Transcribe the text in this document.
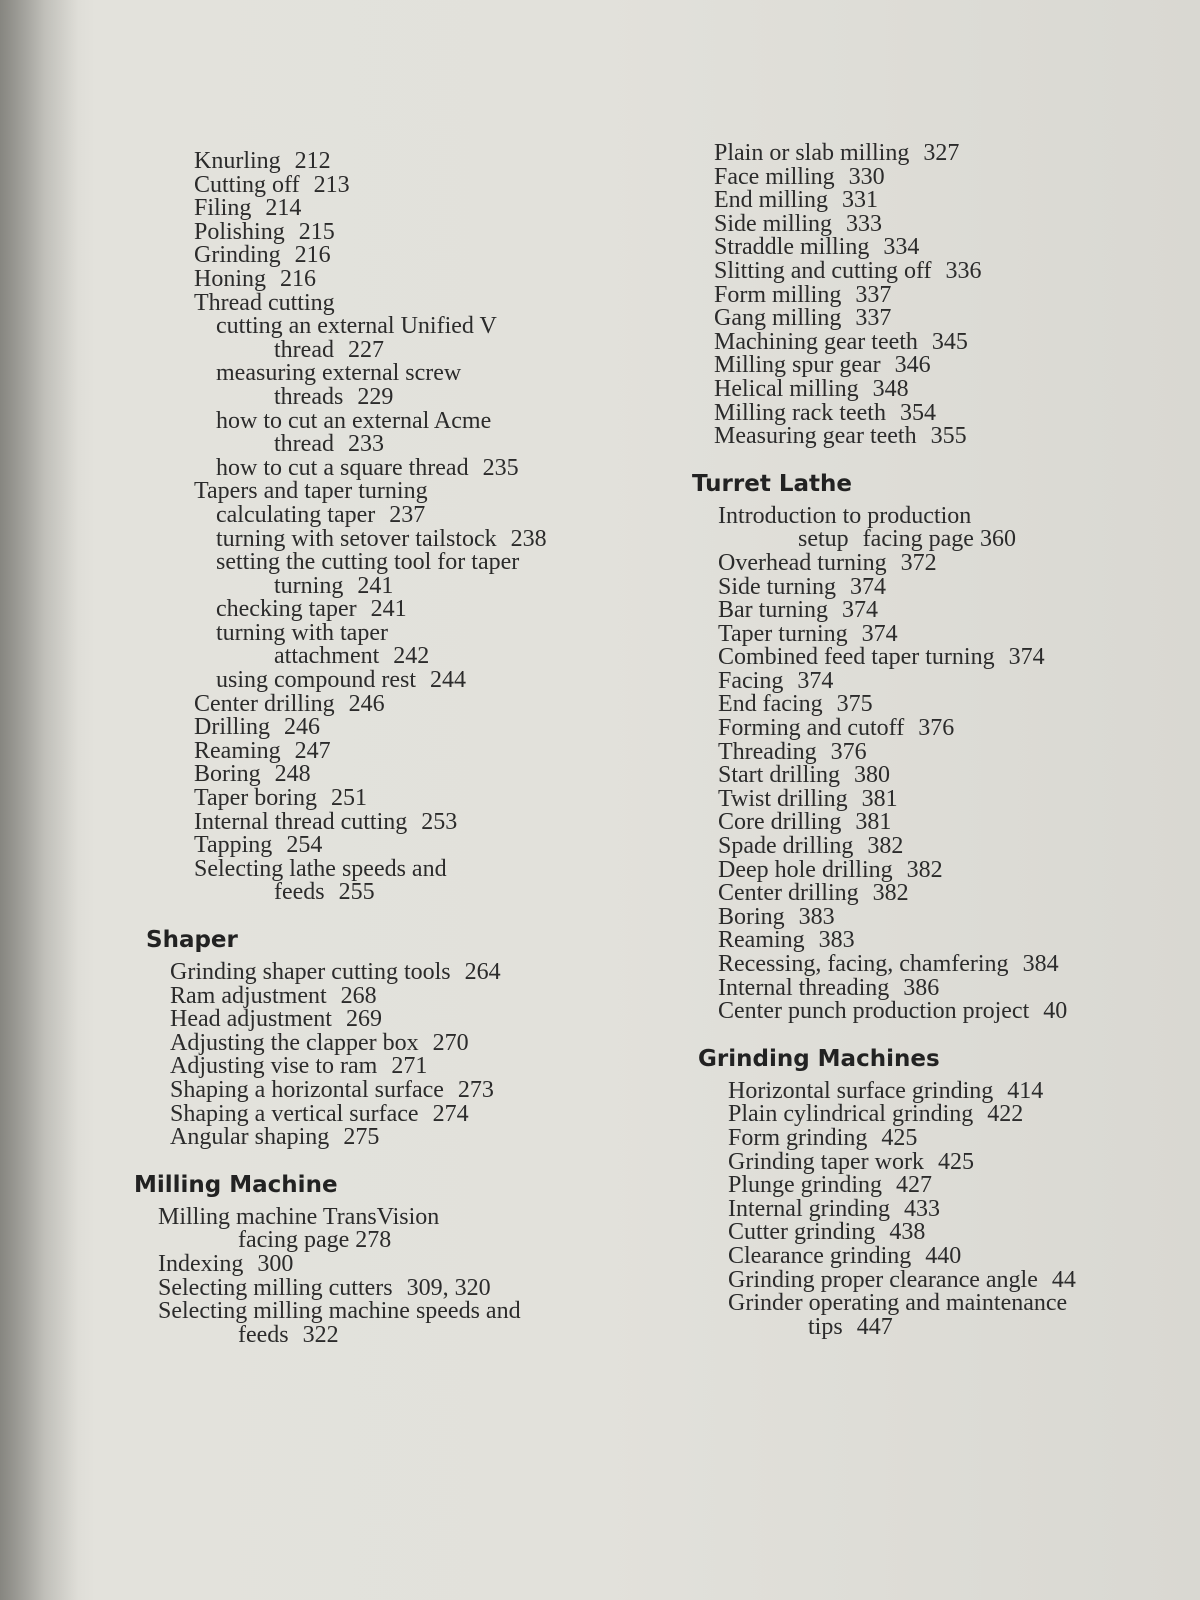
Knurling 212
Cutting off 213
Filing 214
Polishing 215
Grinding 216
Honing 216
Thread cutting
cutting an external Unified V
thread 227
measuring external screw
threads 229
how to cut an external Acme
thread 233
how to cut a square thread 235
Tapers and taper turning
calculating taper 237
turning with setover tailstock 238
setting the cutting tool for taper
turning 241
checking taper 241
turning with taper
attachment 242
using compound rest 244
Center drilling 246
Drilling 246
Reaming 247
Boring 248
Taper boring 251
Internal thread cutting 253
Tapping 254
Selecting lathe speeds and
feeds 255
Shaper
Grinding shaper cutting tools 264
Ram adjustment 268
Head adjustment 269
Adjusting the clapper box 270
Adjusting vise to ram 271
Shaping a horizontal surface 273
Shaping a vertical surface 274
Angular shaping 275
Milling Machine
Milling machine TransVision
facing page 278
Indexing 300
Selecting milling cutters 309, 320
Selecting milling machine speeds and
feeds 322
Plain or slab milling 327
Face milling 330
End milling 331
Side milling 333
Straddle milling 334
Slitting and cutting off 336
Form milling 337
Gang milling 337
Machining gear teeth 345
Milling spur gear 346
Helical milling 348
Milling rack teeth 354
Measuring gear teeth 355
Turret Lathe
Introduction to production
setup facing page 360
Overhead turning 372
Side turning 374
Bar turning 374
Taper turning 374
Combined feed taper turning 374
Facing 374
End facing 375
Forming and cutoff 376
Threading 376
Start drilling 380
Twist drilling 381
Core drilling 381
Spade drilling 382
Deep hole drilling 382
Center drilling 382
Boring 383
Reaming 383
Recessing, facing, chamfering 384
Internal threading 386
Center punch production project 40
Grinding Machines
Horizontal surface grinding 414
Plain cylindrical grinding 422
Form grinding 425
Grinding taper work 425
Plunge grinding 427
Internal grinding 433
Cutter grinding 438
Clearance grinding 440
Grinding proper clearance angle 44
Grinder operating and maintenance
tips 447
